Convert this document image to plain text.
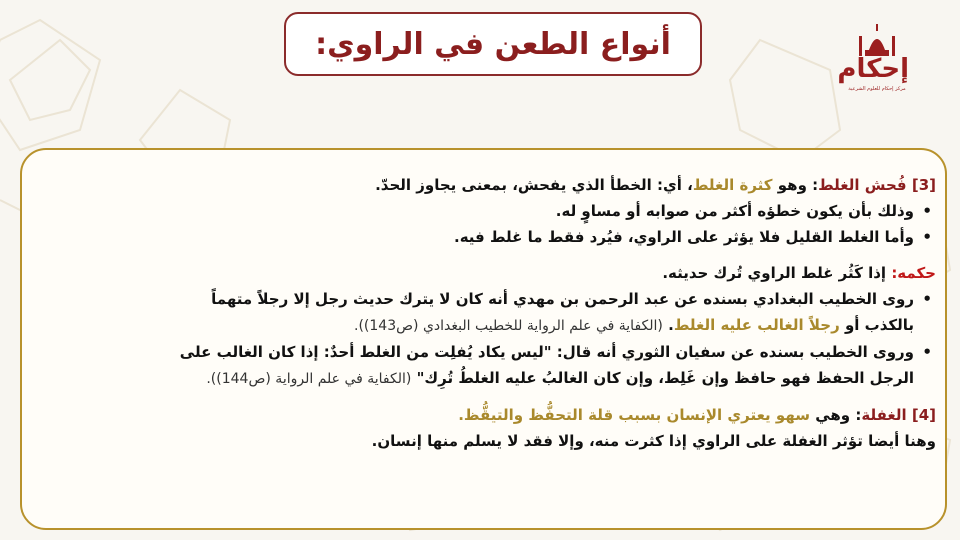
أنواع الطعن في الراوي:
إحكام
مركز إحكام للعلوم الشرعية
[3] فُحش الغلط: وهو كثرة الغلط، أي: الخطأ الذي يفحش، بمعنى يجاوز الحدّ.
• وذلك بأن يكون خطؤه أكثر من صوابه أو مساوٍ له.
• وأما الغلط القليل فلا يؤثر على الراوي، فيُرد فقط ما غلط فيه.
حكمه: إذا كَثُر غلط الراوي تُرك حديثه.
• روى الخطيب البغدادي بسنده عن عبد الرحمن بن مهدي أنه كان لا يترك حديث رجل إلا رجلاً متهماً
بالكذب أو رجلاً الغالب عليه الغلط. (الكفاية في علم الرواية للخطيب البغدادي (ص143)).
• وروى الخطيب بسنده عن سفيان الثوري أنه قال: "ليس يكاد يُفلِت من الغلط أحدٌ: إذا كان الغالب على
الرجل الحفظ فهو حافظ وإن غَلِط، وإن كان الغالبُ عليه الغلطُ تُرِك" (الكفاية في علم الرواية (ص144)).
[4] الغفلة: وهي سهو يعتري الإنسان بسبب قلة التحفُّظ والتيقُّظ.
وهنا أيضا تؤثر الغفلة على الراوي إذا كثرت منه، وإلا فقد لا يسلم منها إنسان.
